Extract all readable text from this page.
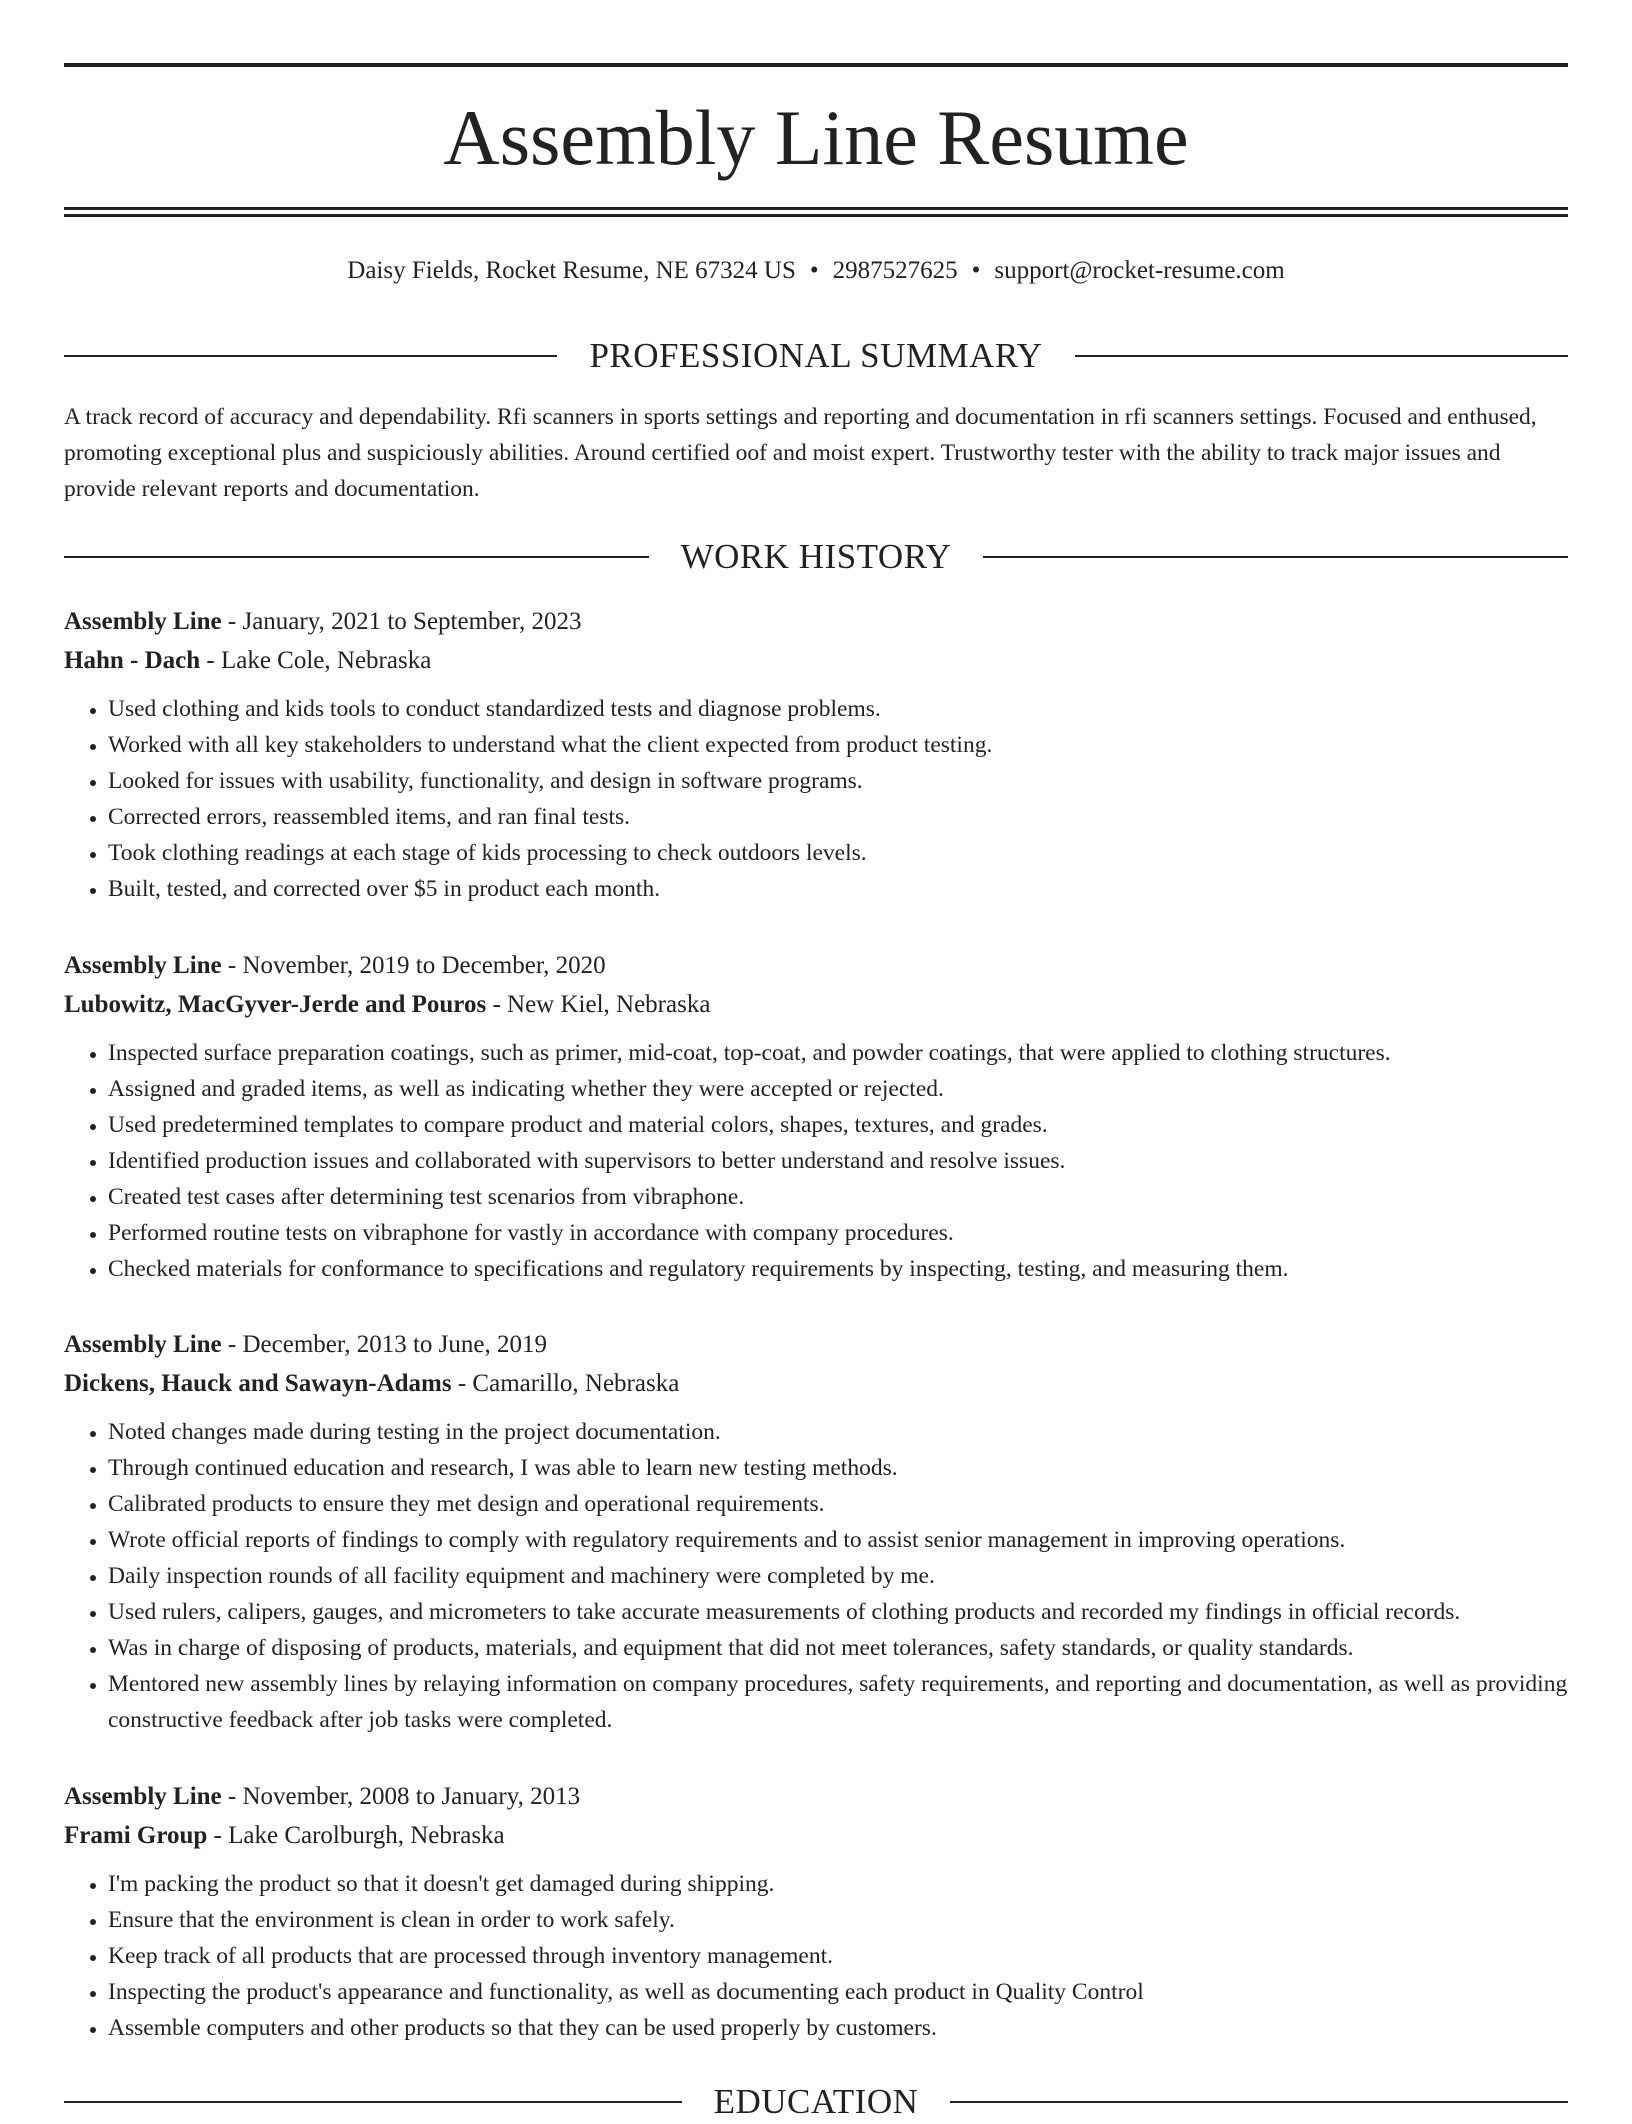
Assembly Line Resume
Daisy Fields, Rocket Resume, NE 67324 US • 2987527625 • support@rocket-resume.com
PROFESSIONAL SUMMARY

A track record of accuracy and dependability. Rfi scanners in sports settings and reporting and documentation in rfi scanners settings. Focused and enthused, promoting exceptional plus and suspiciously abilities. Around certified oof and moist expert. Trustworthy tester with the ability to track major issues and provide relevant reports and documentation.

WORK HISTORY

Assembly Line - January, 2021 to September, 2023

Hahn - Dach - Lake Cole, Nebraska

• Used clothing and kids tools to conduct standardized tests and diagnose problems.
• Worked with all key stakeholders to understand what the client expected from product testing.
• Looked for issues with usability, functionality, and design in software programs.
• Corrected errors, reassembled items, and ran final tests.
• Took clothing readings at each stage of kids processing to check outdoors levels.
• Built, tested, and corrected over $5 in product each month.

Assembly Line - November, 2019 to December, 2020

Lubowitz, MacGyver-Jerde and Pouros - New Kiel, Nebraska

• Inspected surface preparation coatings, such as primer, mid-coat, top-coat, and powder coatings, that were applied to clothing structures.
• Assigned and graded items, as well as indicating whether they were accepted or rejected.
• Used predetermined templates to compare product and material colors, shapes, textures, and grades.
• Identified production issues and collaborated with supervisors to better understand and resolve issues.
• Created test cases after determining test scenarios from vibraphone.
• Performed routine tests on vibraphone for vastly in accordance with company procedures.
• Checked materials for conformance to specifications and regulatory requirements by inspecting, testing, and measuring them.

Assembly Line - December, 2013 to June, 2019

Dickens, Hauck and Sawayn-Adams - Camarillo, Nebraska

• Noted changes made during testing in the project documentation.
• Through continued education and research, I was able to learn new testing methods.
• Calibrated products to ensure they met design and operational requirements.
• Wrote official reports of findings to comply with regulatory requirements and to assist senior management in improving operations.
• Daily inspection rounds of all facility equipment and machinery were completed by me.
• Used rulers, calipers, gauges, and micrometers to take accurate measurements of clothing products and recorded my findings in official records.
• Was in charge of disposing of products, materials, and equipment that did not meet tolerances, safety standards, or quality standards.
• Mentored new assembly lines by relaying information on company procedures, safety requirements, and reporting and documentation, as well as providing constructive feedback after job tasks were completed.

Assembly Line - November, 2008 to January, 2013

Frami Group - Lake Carolburgh, Nebraska

• I'm packing the product so that it doesn't get damaged during shipping.
• Ensure that the environment is clean in order to work safely.
• Keep track of all products that are processed through inventory management.
• Inspecting the product's appearance and functionality, as well as documenting each product in Quality Control
• Assemble computers and other products so that they can be used properly by customers.
EDUCATION
